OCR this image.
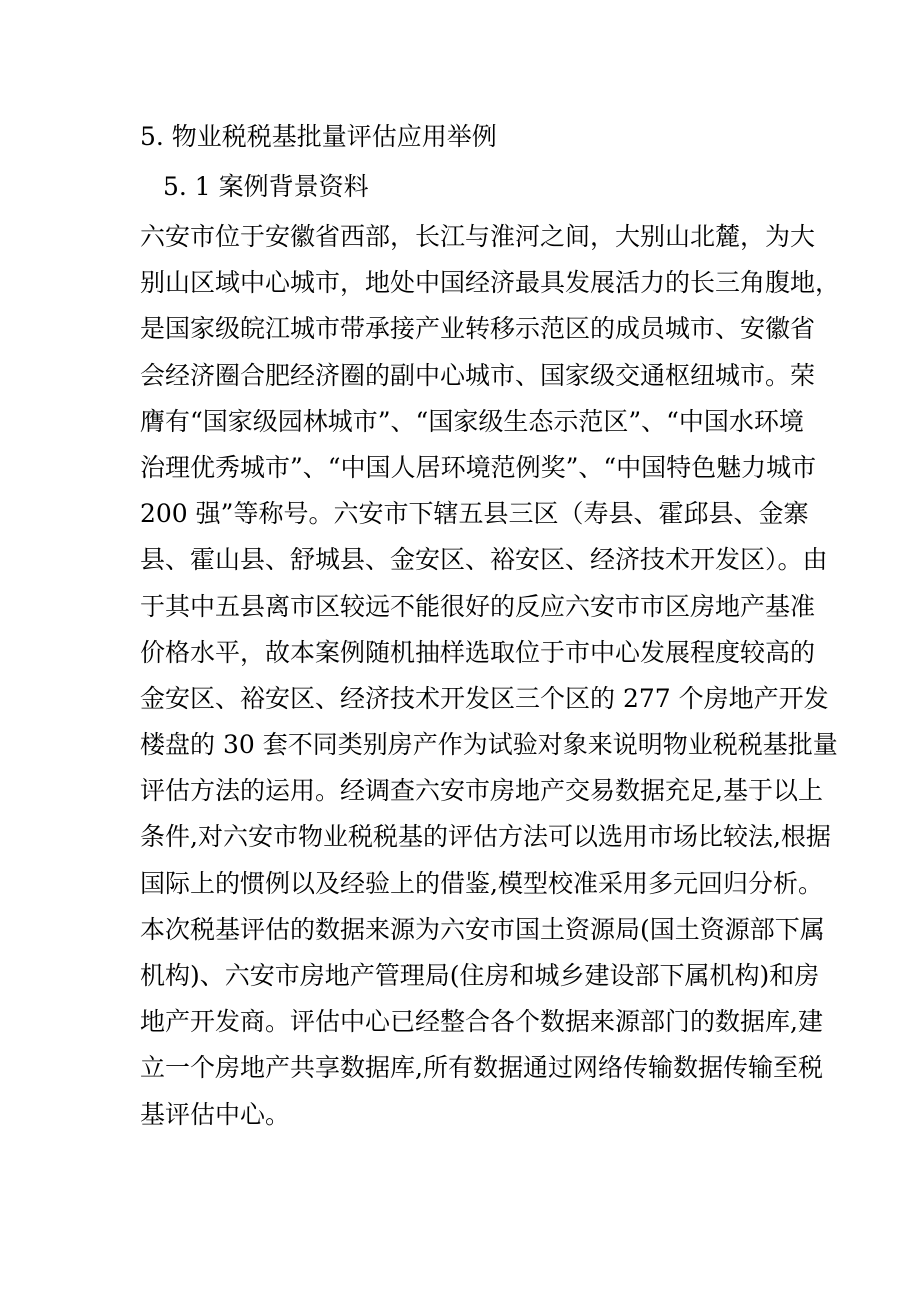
5. 物业税税基批量评估应用举例
5. 1 案例背景资料
六安市位于安徽省西部，长江与淮河之间，大别山北麓，为大
别山区域中心城市，地处中国经济最具发展活力的长三角腹地，
是国家级皖江城市带承接产业转移示范区的成员城市、安徽省
会经济圈合肥经济圈的副中心城市、国家级交通枢纽城市。荣
膺有“国家级园林城市”、“国家级生态示范区”、“中国水环境
治理优秀城市”、“中国人居环境范例奖”、“中国特色魅力城市
200 强”等称号。六安市下辖五县三区（寿县、霍邱县、金寨
县、霍山县、舒城县、金安区、裕安区、经济技术开发区）。由
于其中五县离市区较远不能很好的反应六安市市区房地产基准
价格水平，故本案例随机抽样选取位于市中心发展程度较高的
金安区、裕安区、经济技术开发区三个区的 277 个房地产开发
楼盘的 30 套不同类别房产作为试验对象来说明物业税税基批量
评估方法的运用。经调查六安市房地产交易数据充足,基于以上
条件,对六安市物业税税基的评估方法可以选用市场比较法,根据
国际上的惯例以及经验上的借鉴,模型校准采用多元回归分析。
本次税基评估的数据来源为六安市国土资源局(国土资源部下属
机构)、六安市房地产管理局(住房和城乡建设部下属机构)和房
地产开发商。评估中心已经整合各个数据来源部门的数据库,建
立一个房地产共享数据库,所有数据通过网络传输数据传输至税
基评估中心。
